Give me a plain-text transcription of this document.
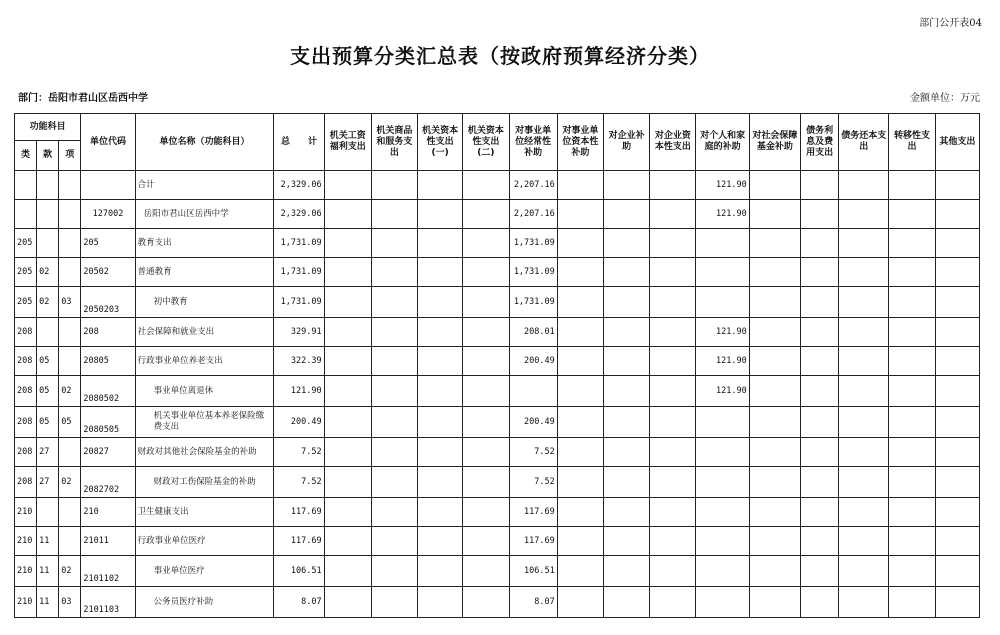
部门公开表04
支出预算分类汇总表（按政府预算经济分类）
部门：岳阳市君山区岳西中学	金额单位：万元
功能科目			单位代码	单位名称（功能科目）	总　　计	机关工资福利支出	机关商品和服务支出	机关资本性支出(一)	机关资本性支出(二)	对事业单位经常性补助	对事业单位资本性补助	对企业补助	对企业资本性支出	对个人和家庭的补助	对社会保障基金补助	债务利息及费用支出	债务还本支出	转移性支出	其他支出
类	款	项																	
				合计	2,329.06					2,207.16				121.90					
			127002	岳阳市君山区岳西中学	2,329.06					2,207.16				121.90					
205			205	教育支出	1,731.09					1,731.09									
205	02		20502	普通教育	1,731.09					1,731.09									
205	02	03	2050203	初中教育	1,731.09					1,731.09									
208			208	社会保障和就业支出	329.91					208.01				121.90					
208	05		20805	行政事业单位养老支出	322.39					200.49				121.90					
208	05	02	2080502	事业单位离退休	121.90									121.90					
208	05	05	2080505	机关事业单位基本养老保险缴费支出	200.49					200.49									
208	27		20827	财政对其他社会保险基金的补助	7.52					7.52									
208	27	02	2082702	财政对工伤保险基金的补助	7.52					7.52									
210			210	卫生健康支出	117.69					117.69									
210	11		21011	行政事业单位医疗	117.69					117.69									
210	11	02	2101102	事业单位医疗	106.51					106.51									
210	11	03	2101103	公务员医疗补助	8.07					8.07									
